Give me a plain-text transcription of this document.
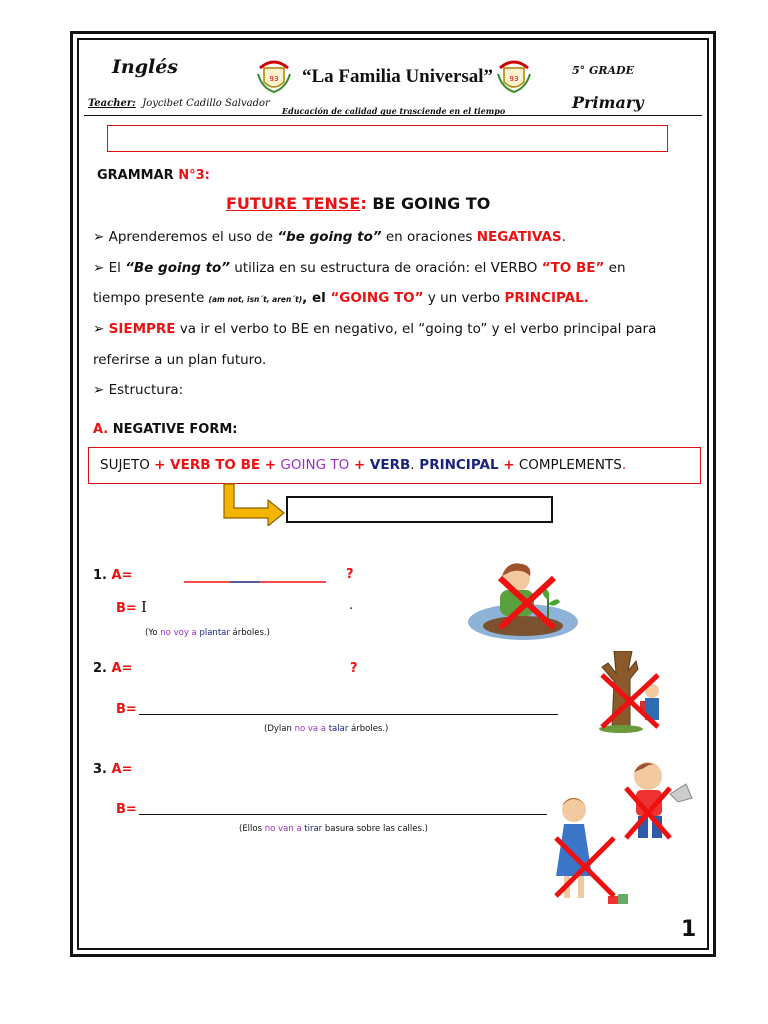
Inglés
93 “La Familia Universal” 93
5° GRADE
Primary
Teacher: Joycibet Cadillo Salvador
Educación de calidad que trasciende en el tiempo
GRAMMAR N°3:
FUTURE TENSE: BE GOING TO
➢ Aprenderemos el uso de “be going to” en oraciones NEGATIVAS.
➢ El “Be going to” utiliza en su estructura de oración: el VERBO “TO BE” en
tiempo presente (am not, isn´t, aren´t), el “GOING TO” y un verbo PRINCIPAL.
➢ SIEMPRE va ir el verbo to BE en negativo, el “going to” y el verbo principal para
referirse a un plan futuro.
➢ Estructura:
A. NEGATIVE FORM:
SUJETO + VERB TO BE + GOING TO + VERB. PRINCIPAL + COMPLEMENTS.
1. A=	?
B= I	.
(Yo no voy a plantar árboles.)
2. A=	?
B=
(Dylan no va a talar árboles.)
3. A=
B=
(Ellos no van a tirar basura sobre las calles.)
1
